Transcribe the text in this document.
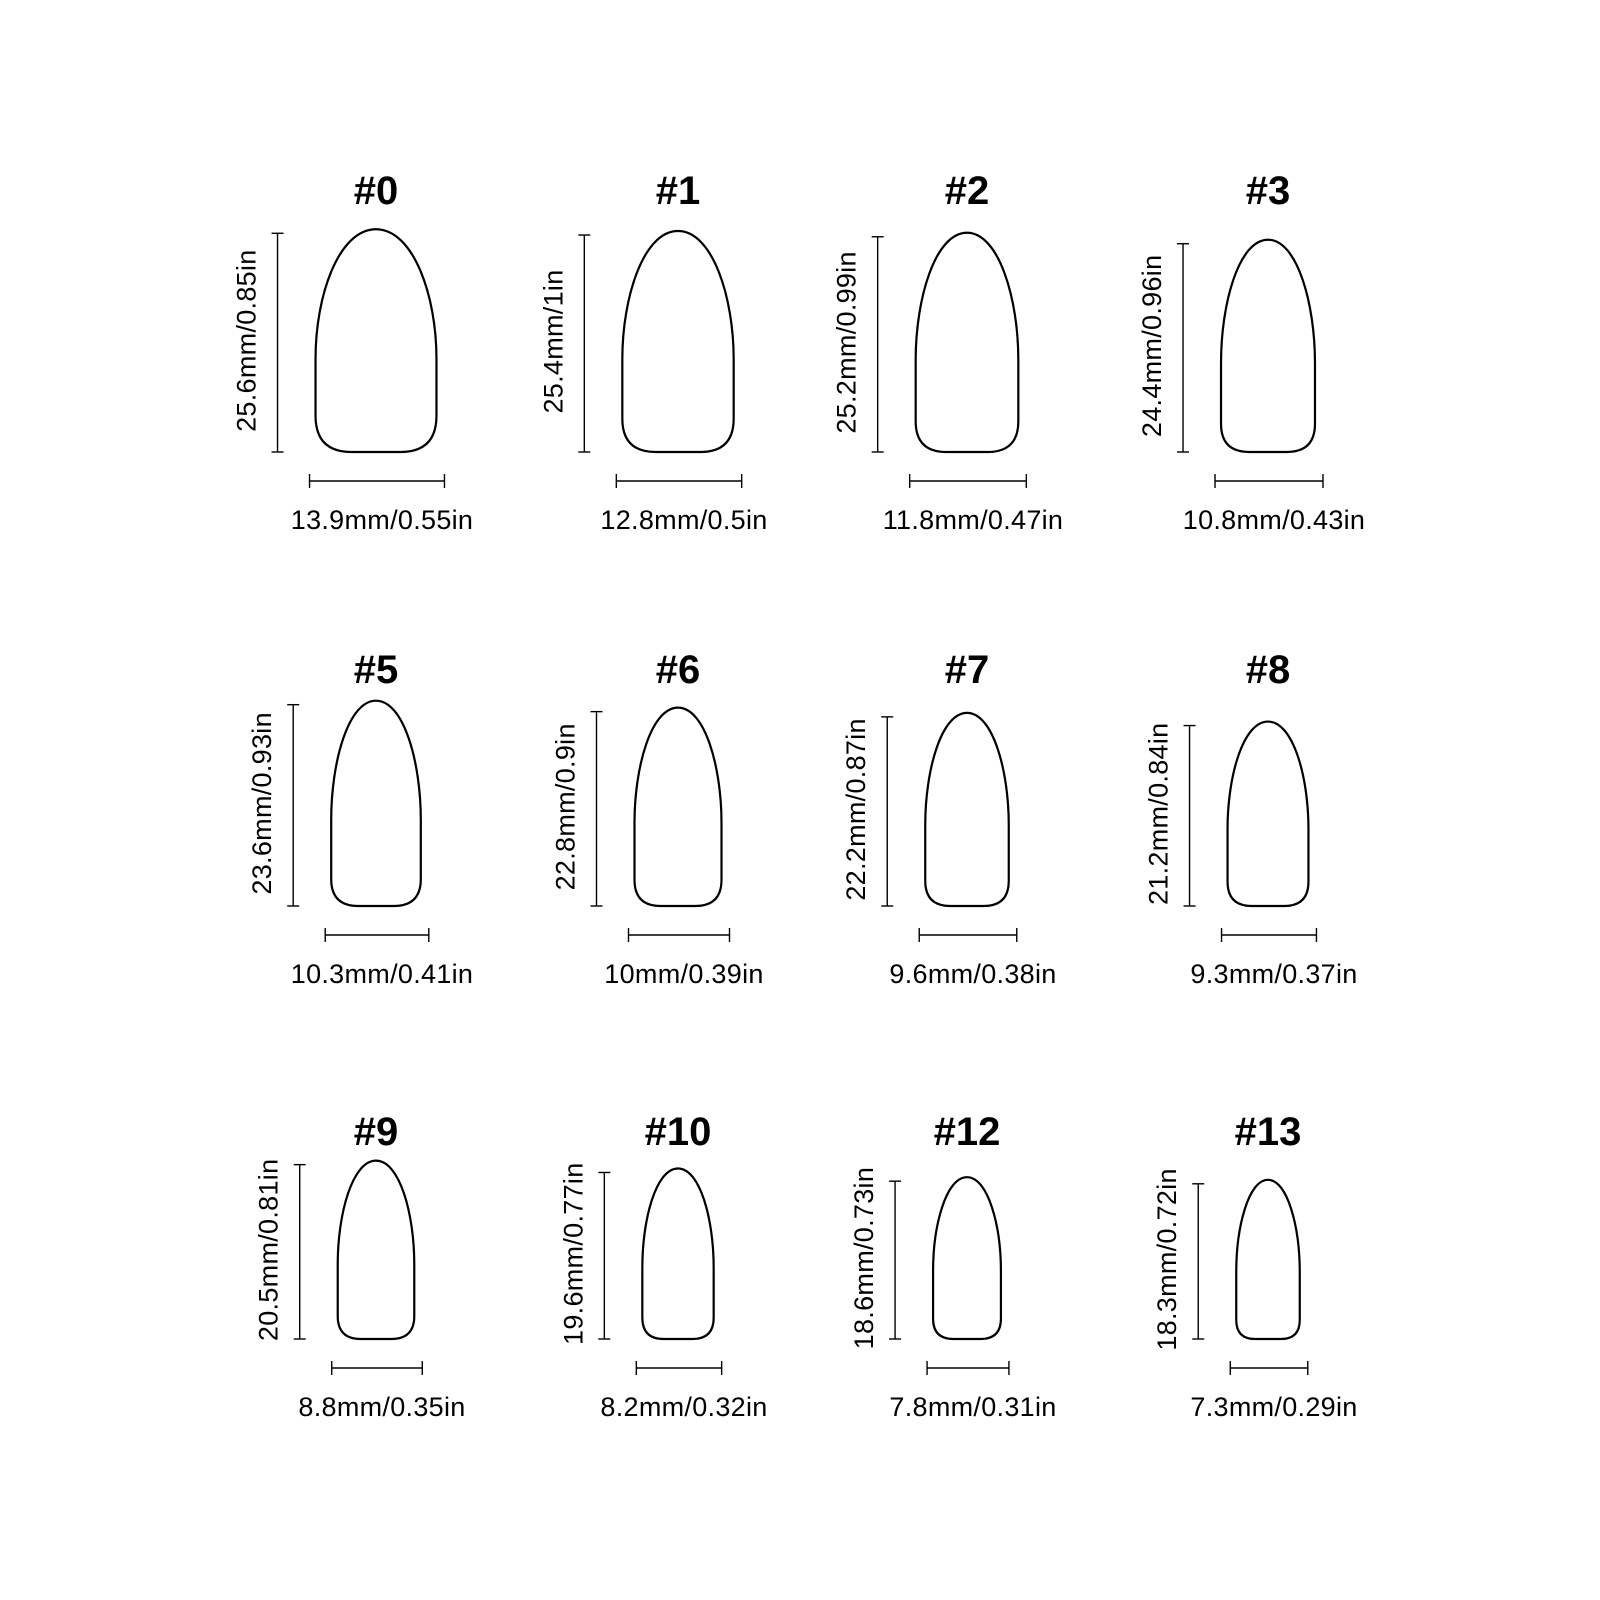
#0
25.6mm/0.85in
13.9mm/0.55in
#1
25.4mm/1in
12.8mm/0.5in
#2
25.2mm/0.99in
11.8mm/0.47in
#3
24.4mm/0.96in
10.8mm/0.43in
#5
23.6mm/0.93in
10.3mm/0.41in
#6
22.8mm/0.9in
10mm/0.39in
#7
22.2mm/0.87in
9.6mm/0.38in
#8
21.2mm/0.84in
9.3mm/0.37in
#9
20.5mm/0.81in
8.8mm/0.35in
#10
19.6mm/0.77in
8.2mm/0.32in
#12
18.6mm/0.73in
7.8mm/0.31in
#13
18.3mm/0.72in
7.3mm/0.29in
